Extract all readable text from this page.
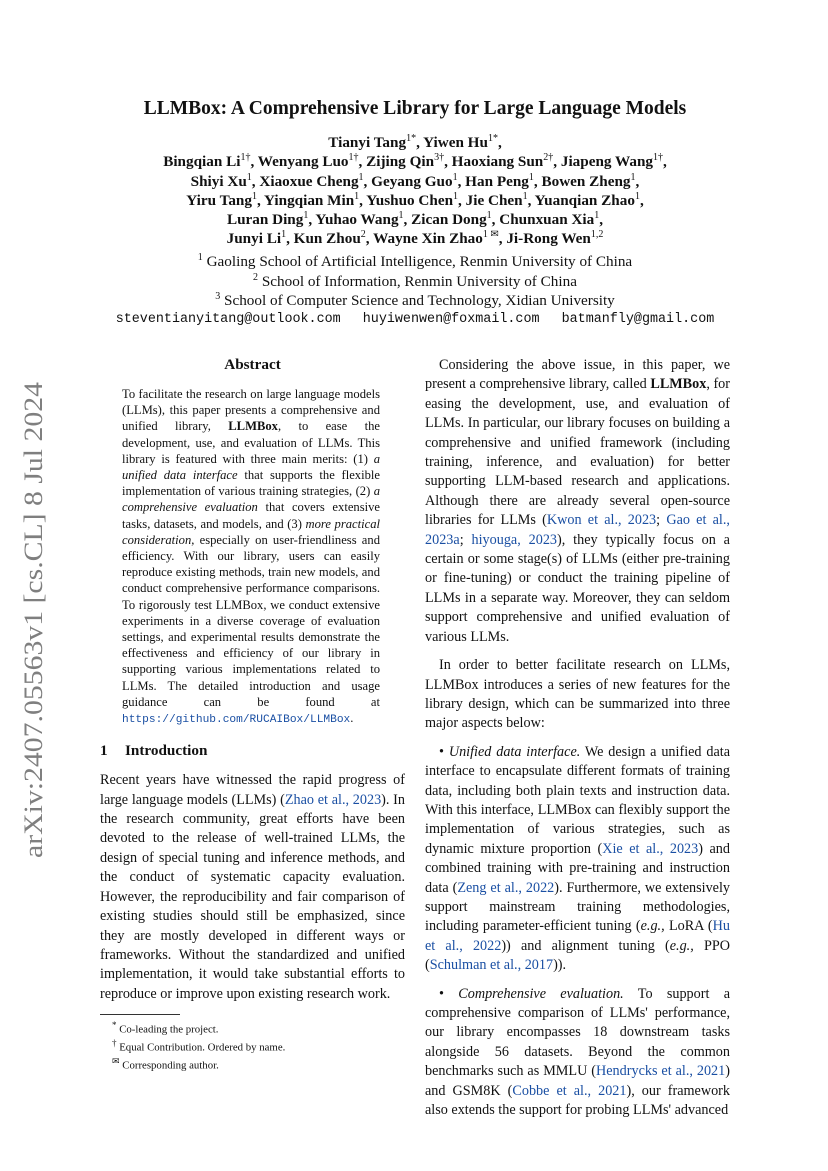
arXiv:2407.05563v1 [cs.CL] 8 Jul 2024
LLMBox: A Comprehensive Library for Large Language Models
Tianyi Tang$^{1*}$, Yiwen $Hu^{1*}$,
Bingqian $Li^{1\dagger}$, Wenyang Luo$^{1\dagger}$, Zijing Qin$^{3\dagger}$, Haoxiang Sun$^{2\dagger}$, Jiapeng Wang$^{1\dagger}$,
Shiyi Xu$^1$, Xiaoxue Cheng$^1$, Geyang Guo$^1$, Han Peng$^1$, Bowen Zheng$^1$,
Yiru Tang$^1$, Yingqian Min$^1$, Yushuo Chen$^1$, Jie Chen$^1$, Yuanqian Zhao$^1$,
Luran Ding$^1$, Yuhao Wang$^1$, Zican Dong$^1$, Chunxuan Xia$^1$,
Junyi Li$^1$, Kun Zhou$^2$, Wayne Xin Zhao$^{1 ✉}$, Ji-Rong Wen$^{1,2}$
$^1$ Gaoling School of Artificial Intelligence, Renmin University of China
$^2$ School of Information, Renmin University of China
$^3$ School of Computer Science and Technology, Xidian University
steventianyitang@outlook.com huyiwenwen@foxmail.com batmanfly@gmail.com
Abstract

To facilitate the research on large language models (LLMs), this paper presents a comprehensive and unified library, LLMBox, to ease the development, use, and evaluation of LLMs. This library is featured with three main merits: (1) a unified data interface that supports the flexible implementation of various training strategies, (2) a comprehensive evaluation that covers extensive tasks, datasets, and models, and (3) more practical consideration, especially on user-friendliness and efficiency. With our library, users can easily reproduce existing methods, train new models, and conduct comprehensive performance comparisons. To rigorously test LLMBox, we conduct extensive experiments in a diverse coverage of evaluation settings, and experimental results demonstrate the effectiveness and efficiency of our library in supporting various implementations related to LLMs. The detailed introduction and usage guidance can be found at https://github.com/RUCAIBox/LLMBox.

1 Introduction

Recent years have witnessed the rapid progress of large language models (LLMs) (Zhao et al., 2023). In the research community, great efforts have been devoted to the release of well-trained LLMs, the design of special tuning and inference methods, and the conduct of systematic capacity evaluation. However, the reproducibility and fair comparison of existing studies should still be emphasized, since they are mostly developed in different ways or frameworks. Without the standardized and unified implementation, it would take substantial efforts to reproduce or improve upon existing research work.

* Co-leading the project.
† Equal Contribution. Ordered by name.
✉ Corresponding author.

Considering the above issue, in this paper, we present a comprehensive library, called LLMBox, for easing the development, use, and evaluation of LLMs. In particular, our library focuses on building a comprehensive and unified framework (including training, inference, and evaluation) for better supporting LLM-based research and applications. Although there are already several open-source libraries for LLMs (Kwon et al., 2023; Gao et al., 2023a; hiyouga, 2023), they typically focus on a certain or some stage(s) of LLMs (either pre-training or fine-tuning) or conduct the training pipeline of LLMs in a separate way. Moreover, they can seldom support comprehensive and unified evaluation of various LLMs.

In order to better facilitate research on LLMs, LLMBox introduces a series of new features for the library design, which can be summarized into three major aspects below:

• Unified data interface. We design a unified data interface to encapsulate different formats of training data, including both plain texts and instruction data. With this interface, LLMBox can flexibly support the implementation of various strategies, such as dynamic mixture proportion (Xie et al., 2023) and combined training with pre-training and instruction data (Zeng et al., 2022). Furthermore, we extensively support mainstream training methodologies, including parameter-efficient tuning (e.g., LoRA (Hu et al., 2022)) and alignment tuning (e.g., PPO (Schulman et al., 2017)).

• Comprehensive evaluation. To support a comprehensive comparison of LLMs' performance, our library encompasses 18 downstream tasks alongside 56 datasets. Beyond the common benchmarks such as MMLU (Hendrycks et al., 2021) and GSM8K (Cobbe et al., 2021), our framework also extends the support for probing LLMs' advanced
